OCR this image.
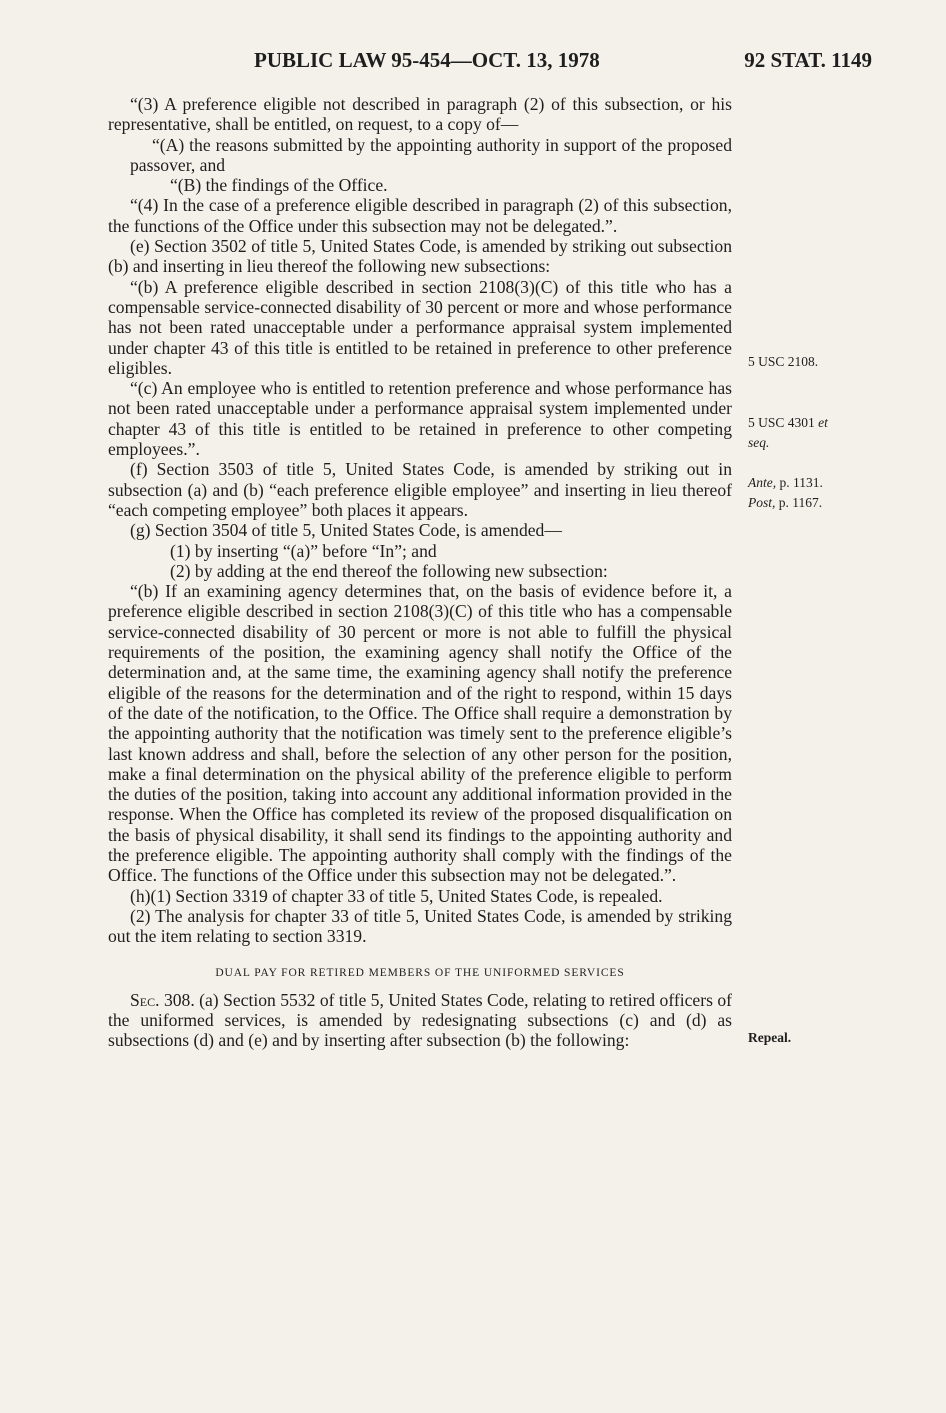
PUBLIC LAW 95-454—OCT. 13, 1978	92 STAT. 1149

“(3) A preference eligible not described in paragraph (2) of this subsection, or his representative, shall be entitled, on request, to a copy of—

“(A) the reasons submitted by the appointing authority in support of the proposed passover, and

“(B) the findings of the Office.

“(4) In the case of a preference eligible described in paragraph (2) of this subsection, the functions of the Office under this subsection may not be delegated.”.

(e) Section 3502 of title 5, United States Code, is amended by striking out subsection (b) and inserting in lieu thereof the following new subsections:

“(b) A preference eligible described in section 2108(3)(C) of this title who has a compensable service-connected disability of 30 percent or more and whose performance has not been rated unacceptable under a performance appraisal system implemented under chapter 43 of this title is entitled to be retained in preference to other preference eligibles.

“(c) An employee who is entitled to retention preference and whose performance has not been rated unacceptable under a performance appraisal system implemented under chapter 43 of this title is entitled to be retained in preference to other competing employees.”.

(f) Section 3503 of title 5, United States Code, is amended by striking out in subsection (a) and (b) “each preference eligible employee” and inserting in lieu thereof “each competing employee” both places it appears.

(g) Section 3504 of title 5, United States Code, is amended—

(1) by inserting “(a)” before “In”; and

(2) by adding at the end thereof the following new subsection:

“(b) If an examining agency determines that, on the basis of evidence before it, a preference eligible described in section 2108(3)(C) of this title who has a compensable service-connected disability of 30 percent or more is not able to fulfill the physical requirements of the position, the examining agency shall notify the Office of the determination and, at the same time, the examining agency shall notify the preference eligible of the reasons for the determination and of the right to respond, within 15 days of the date of the notification, to the Office. The Office shall require a demonstration by the appointing authority that the notification was timely sent to the preference eligible’s last known address and shall, before the selection of any other person for the position, make a final determination on the physical ability of the preference eligible to perform the duties of the position, taking into account any additional information provided in the response. When the Office has completed its review of the proposed disqualification on the basis of physical disability, it shall send its findings to the appointing authority and the preference eligible. The appointing authority shall comply with the findings of the Office. The functions of the Office under this subsection may not be delegated.”.

(h)(1) Section 3319 of chapter 33 of title 5, United States Code, is repealed.

(2) The analysis for chapter 33 of title 5, United States Code, is amended by striking out the item relating to section 3319.

DUAL PAY FOR RETIRED MEMBERS OF THE UNIFORMED SERVICES

Sec. 308. (a) Section 5532 of title 5, United States Code, relating to retired officers of the uniformed services, is amended by redesignating subsections (c) and (d) as subsections (d) and (e) and by inserting after subsection (b) the following:

5 USC 2108.
5 USC 4301 et
seq.
Ante, p. 1131.
Post, p. 1167.
Repeal.
